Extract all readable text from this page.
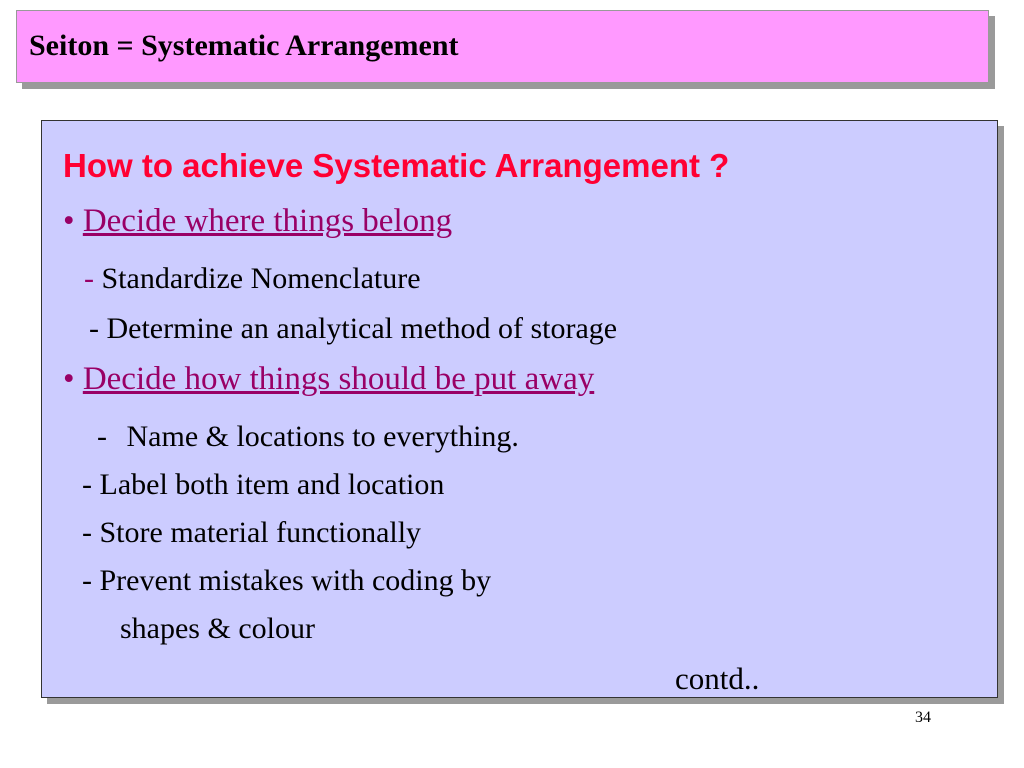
Seiton = Systematic Arrangement
How to achieve Systematic Arrangement ?
• Decide where things belong
- Standardize Nomenclature
- Determine an analytical method of storage
• Decide how things should be put away
- Name & locations to everything.
- Label both item and location
- Store material functionally
- Prevent mistakes with coding by
shapes & colour
contd..
34
